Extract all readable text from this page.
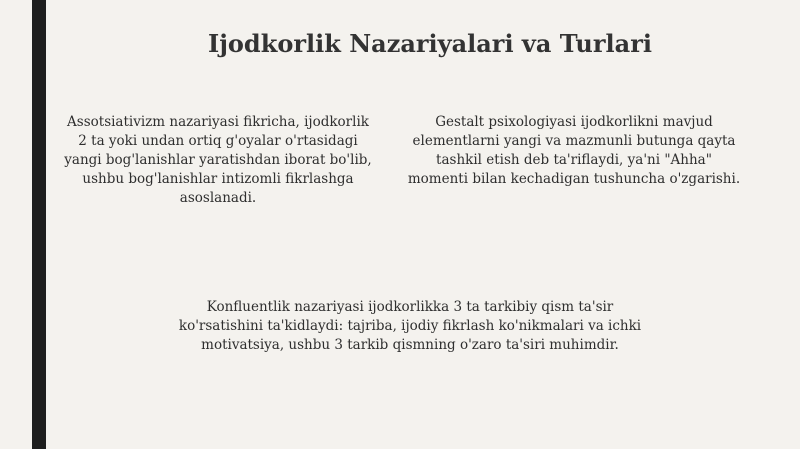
Ijodkorlik Nazariyalari va Turlari
Assotsiativizm nazariyasi fikricha, ijodkorlik
2 ta yoki undan ortiq g'oyalar o'rtasidagi
yangi bog'lanishlar yaratishdan iborat bo'lib,
ushbu bog'lanishlar intizomli fikrlashga
asoslanadi.
Gestalt psixologiyasi ijodkorlikni mavjud
elementlarni yangi va mazmunli butunga qayta
tashkil etish deb ta'riflaydi, ya'ni "Ahha"
momenti bilan kechadigan tushuncha o'zgarishi.
Konfluentlik nazariyasi ijodkorlikka 3 ta tarkibiy qism ta'sir
ko'rsatishini ta'kidlaydi: tajriba, ijodiy fikrlash ko'nikmalari va ichki
motivatsiya, ushbu 3 tarkib qismning o'zaro ta'siri muhimdir.
